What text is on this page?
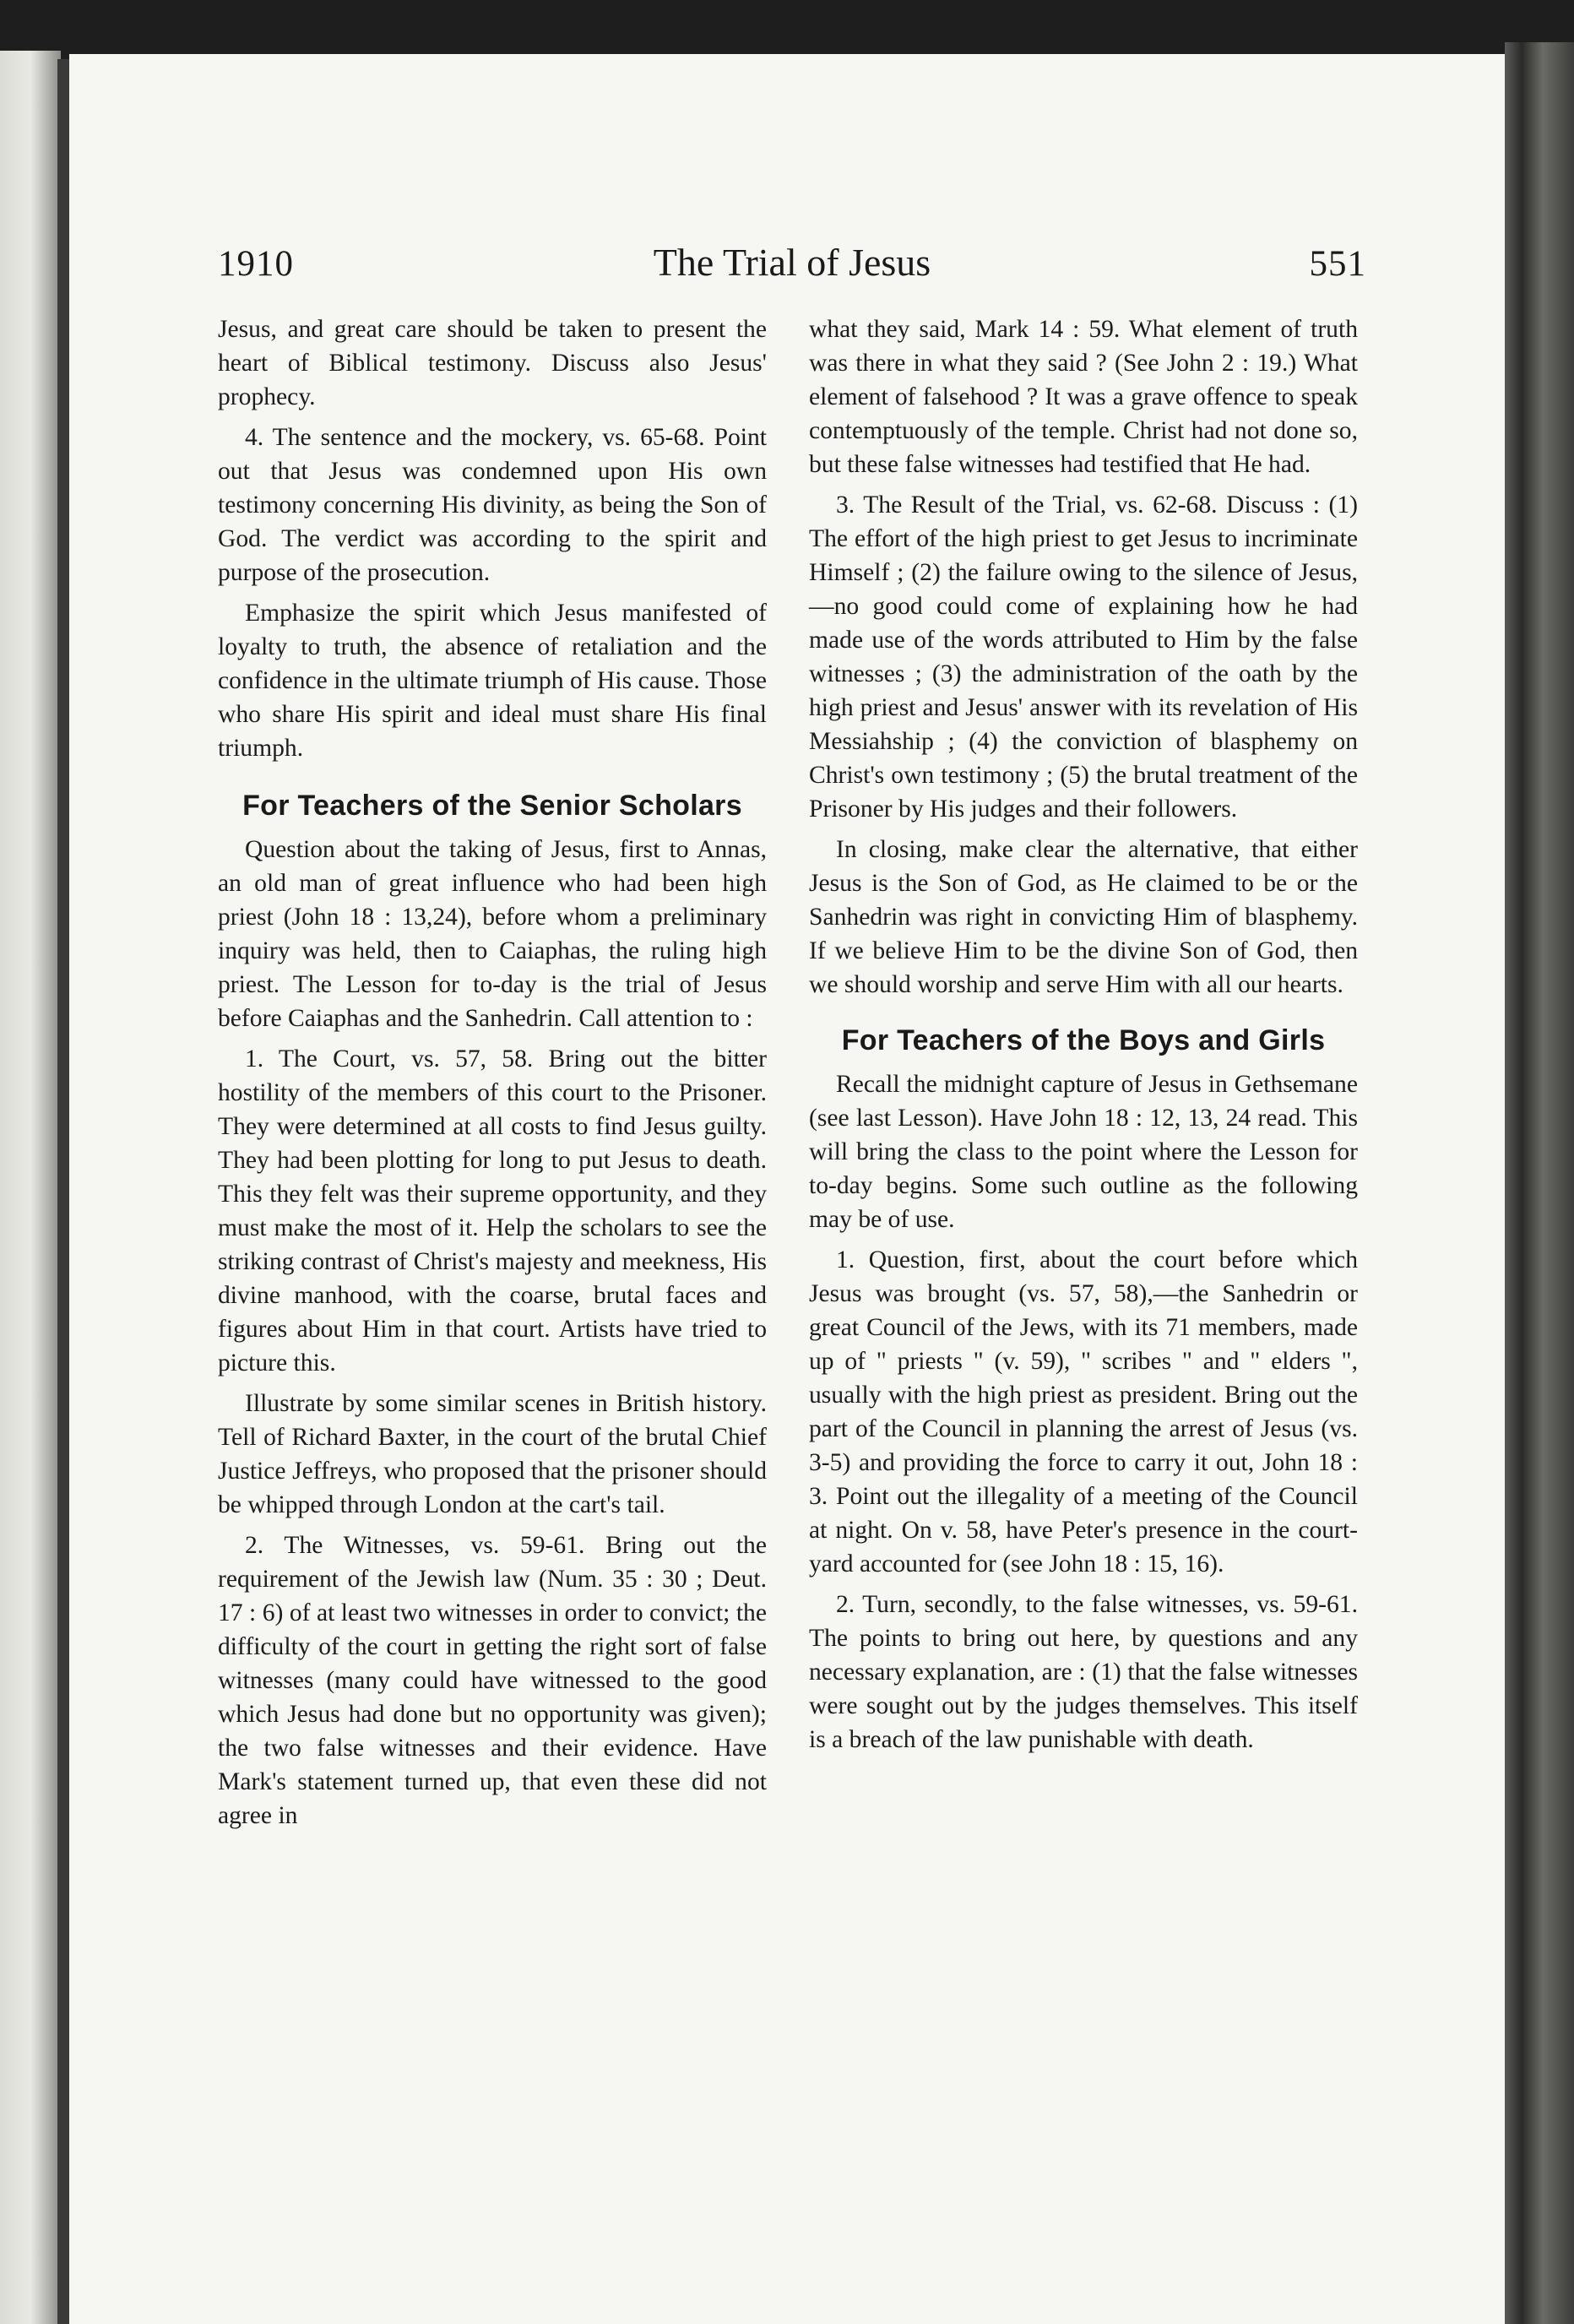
1910	The Trial of Jesus	551

Jesus, and great care should be taken to present the heart of Biblical testimony. Discuss also Jesus' prophecy.

4. The sentence and the mockery, vs. 65-68. Point out that Jesus was condemned upon His own testimony concerning His divinity, as being the Son of God. The verdict was according to the spirit and purpose of the prosecution.

Emphasize the spirit which Jesus manifested of loyalty to truth, the absence of retaliation and the confidence in the ultimate triumph of His cause. Those who share His spirit and ideal must share His final triumph.

For Teachers of the Senior Scholars

Question about the taking of Jesus, first to Annas, an old man of great influence who had been high priest (John 18 : 13,24), before whom a preliminary inquiry was held, then to Caiaphas, the ruling high priest. The Lesson for to-day is the trial of Jesus before Caiaphas and the Sanhedrin. Call attention to :

1. The Court, vs. 57, 58. Bring out the bitter hostility of the members of this court to the Prisoner. They were determined at all costs to find Jesus guilty. They had been plotting for long to put Jesus to death. This they felt was their supreme opportunity, and they must make the most of it. Help the scholars to see the striking contrast of Christ's majesty and meekness, His divine manhood, with the coarse, brutal faces and figures about Him in that court. Artists have tried to picture this.

Illustrate by some similar scenes in British history. Tell of Richard Baxter, in the court of the brutal Chief Justice Jeffreys, who proposed that the prisoner should be whipped through London at the cart's tail.

2. The Witnesses, vs. 59-61. Bring out the requirement of the Jewish law (Num. 35 : 30 ; Deut. 17 : 6) of at least two witnesses in order to convict; the difficulty of the court in getting the right sort of false witnesses (many could have witnessed to the good which Jesus had done but no opportunity was given); the two false witnesses and their evidence. Have Mark's statement turned up, that even these did not agree in

what they said, Mark 14 : 59. What element of truth was there in what they said ? (See John 2 : 19.) What element of falsehood ? It was a grave offence to speak contemptuously of the temple. Christ had not done so, but these false witnesses had testified that He had.

3. The Result of the Trial, vs. 62-68. Discuss : (1) The effort of the high priest to get Jesus to incriminate Himself ; (2) the failure owing to the silence of Jesus,—no good could come of explaining how he had made use of the words attributed to Him by the false witnesses ; (3) the administration of the oath by the high priest and Jesus' answer with its revelation of His Messiahship ; (4) the conviction of blasphemy on Christ's own testimony ; (5) the brutal treatment of the Prisoner by His judges and their followers.

In closing, make clear the alternative, that either Jesus is the Son of God, as He claimed to be or the Sanhedrin was right in convicting Him of blasphemy. If we believe Him to be the divine Son of God, then we should worship and serve Him with all our hearts.

For Teachers of the Boys and Girls

Recall the midnight capture of Jesus in Gethsemane (see last Lesson). Have John 18 : 12, 13, 24 read. This will bring the class to the point where the Lesson for to-day begins. Some such outline as the following may be of use.

1. Question, first, about the court before which Jesus was brought (vs. 57, 58),—the Sanhedrin or great Council of the Jews, with its 71 members, made up of " priests " (v. 59), " scribes " and " elders ", usually with the high priest as president. Bring out the part of the Council in planning the arrest of Jesus (vs. 3-5) and providing the force to carry it out, John 18 : 3. Point out the illegality of a meeting of the Council at night. On v. 58, have Peter's presence in the court-yard accounted for (see John 18 : 15, 16).

2. Turn, secondly, to the false witnesses, vs. 59-61. The points to bring out here, by questions and any necessary explanation, are : (1) that the false witnesses were sought out by the judges themselves. This itself is a breach of the law punishable with death.
